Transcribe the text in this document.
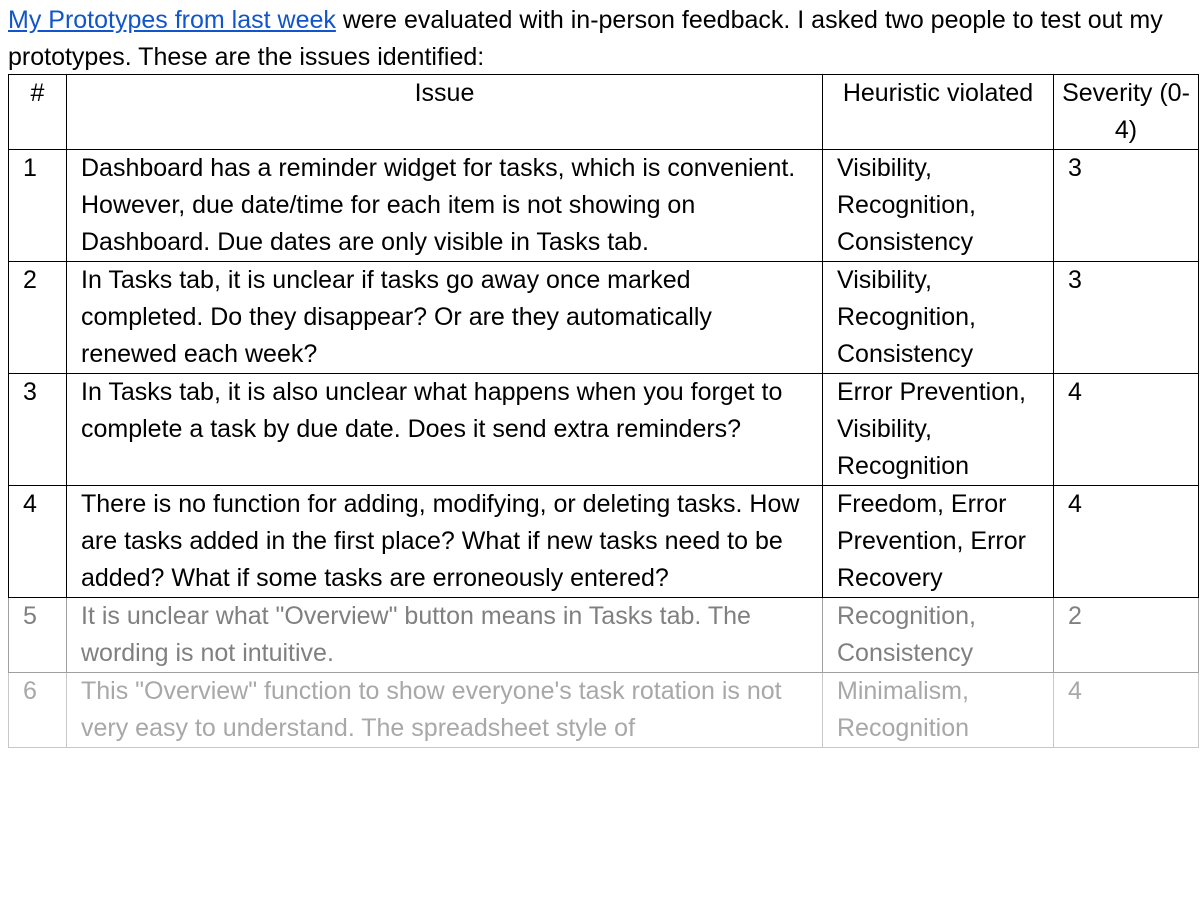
My Prototypes from last week were evaluated with in-person feedback. I asked two people to test out my prototypes. These are the issues identified:

#	Issue	Heuristic violated	Severity (0-4)
1	Dashboard has a reminder widget for tasks, which is convenient. However, due date/time for each item is not showing on Dashboard. Due dates are only visible in Tasks tab.	Visibility, Recognition, Consistency	3
2	In Tasks tab, it is unclear if tasks go away once marked completed. Do they disappear? Or are they automatically renewed each week?	Visibility, Recognition, Consistency	3
3	In Tasks tab, it is also unclear what happens when you forget to complete a task by due date. Does it send extra reminders?	Error Prevention, Visibility, Recognition	4
4	There is no function for adding, modifying, or deleting tasks. How are tasks added in the first place? What if new tasks need to be added? What if some tasks are erroneously entered?	Freedom, Error Prevention, Error Recovery	4
5	It is unclear what "Overview" button means in Tasks tab. The wording is not intuitive.	Recognition, Consistency	2
6	This "Overview" function to show everyone's task rotation is not very easy to understand. The spreadsheet style of	Minimalism, Recognition	4
